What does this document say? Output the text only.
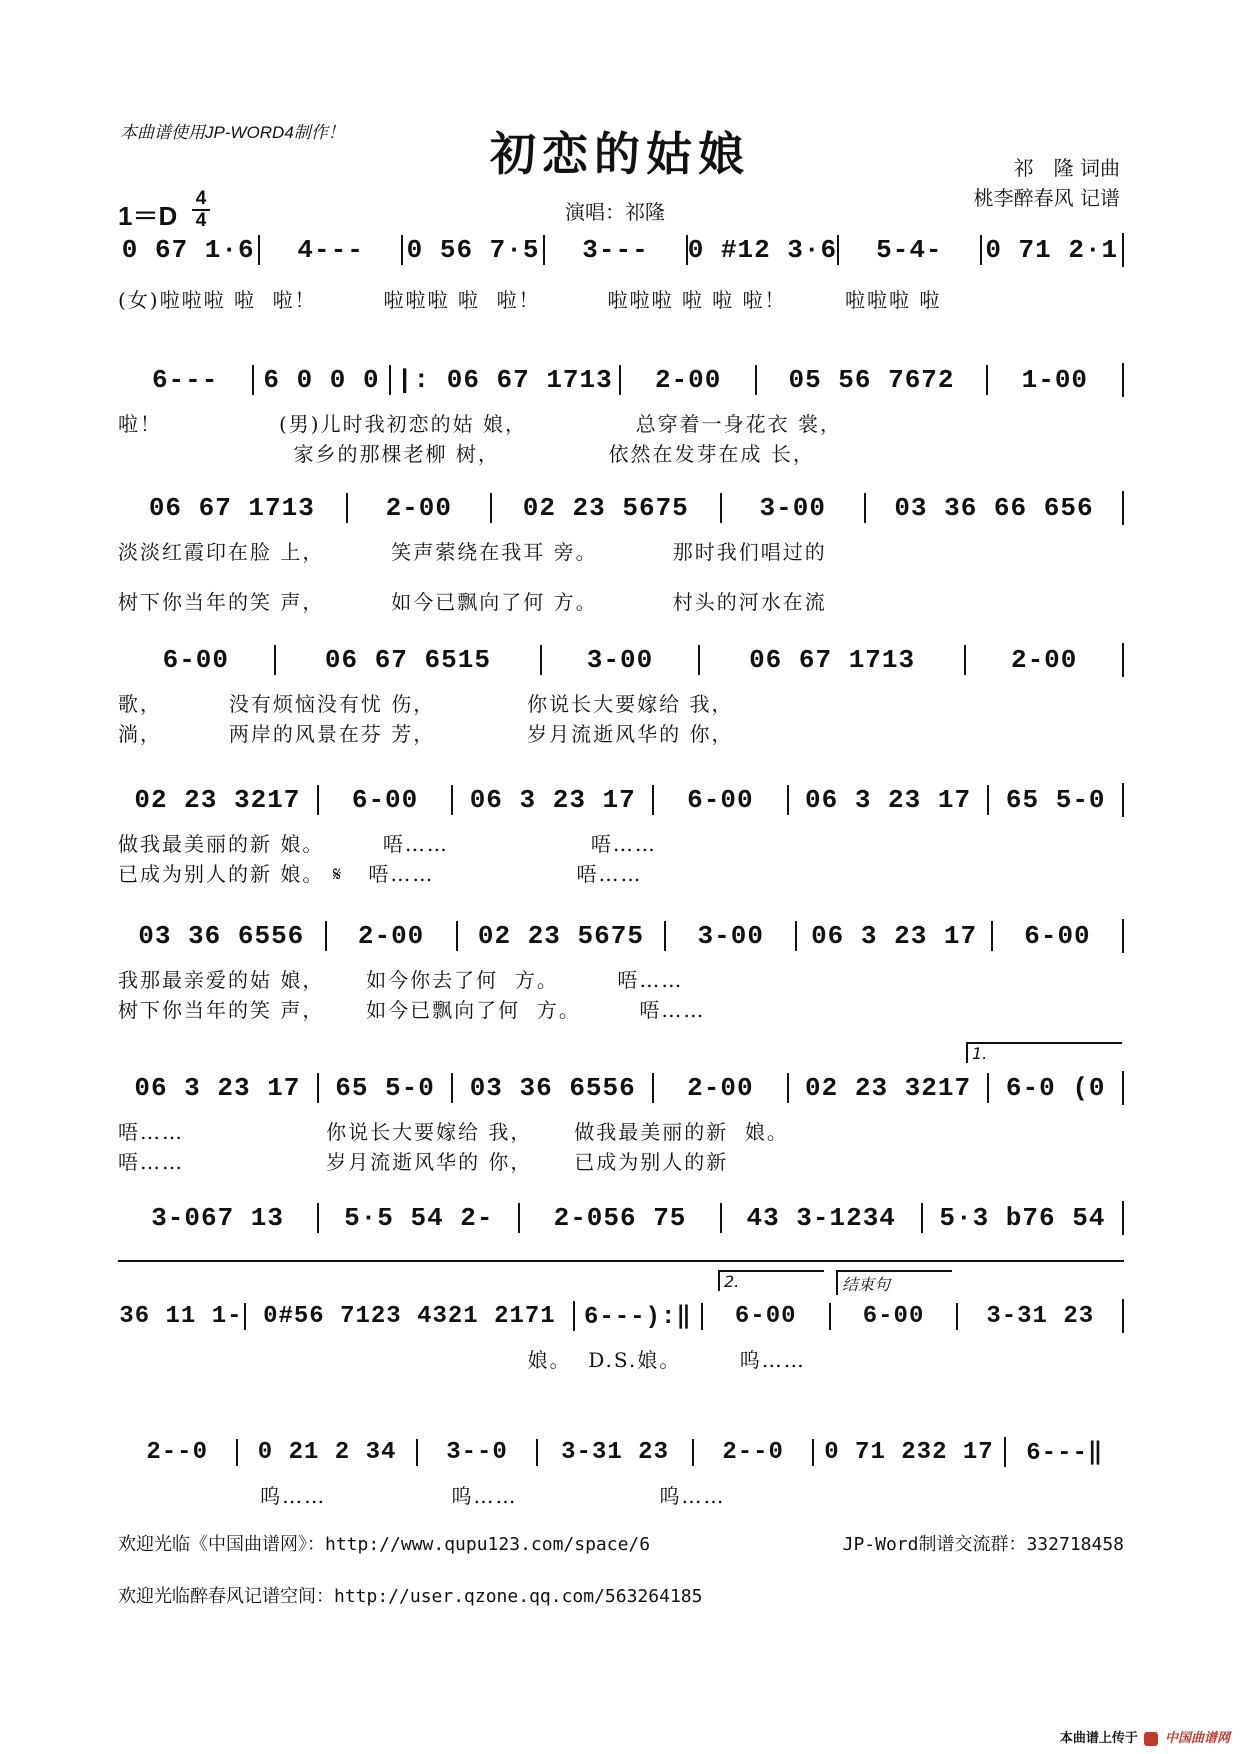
本曲谱使用JP-WORD4制作！	初恋的姑娘	祁　隆 词曲
桃李醉春风 记谱
1＝D
4
4	演唱：祁隆
0 67 1·6	4---	0 56 7·5	3---	0 #12 3·6	5-4-	0 71 2·1
(女)啦啦啦 啦  啦！        啦啦啦 啦  啦！        啦啦啦 啦 啦 啦！       啦啦啦 啦
6---	6 0 0 0 |: 06 67 1713	2-00	05 56 7672	1-00
啦！              (男)儿时我初恋的姑 娘，             总穿着一身花衣 裳，
家乡的那棵老柳 树，             依然在发芽在成 长，
06 67 1713	2-00	02 23 5675	3-00	03 36 66 656
淡淡红霞印在脸 上，        笑声萦绕在我耳 旁。         那时我们唱过的
树下你当年的笑 声，        如今已飘向了何 方。         村头的河水在流
6-00	06 67 6515	3-00	06 67 1713	2-00
歌，        没有烦恼没有忧 伤，           你说长大要嫁给 我，
淌，        两岸的风景在芬 芳，           岁月流逝风华的 你，
02 23 3217	6-00	06 3 23 17	6-00	06 3 23 17	65 5-0
做我最美丽的新 娘。       唔……                 唔……
已成为别人的新 娘。 𝄋   唔……                 唔……
03 36 6556	2-00	02 23 5675	3-00	06 3 23 17	6-00
我那最亲爱的姑 娘，     如今你去了何  方。       唔……
树下你当年的笑 声，     如今已飘向了何  方。       唔……
1.
06 3 23 17	65 5-0	03 36 6556	2-00	02 23 3217	6-0 (0
唔……                 你说长大要嫁给 我，     做我最美丽的新  娘。
唔……                 岁月流逝风华的 你，     已成为别人的新
3-067 13	5·5 54 2-	2-056 75	43 3-1234	5·3 b76 54
2.	结束句
36 11 1- 0#56 7123 4321 2171	6---):‖	6-00	6-00	3-31 23
娘。  D.S.娘。       呜……
2--0	0 21 2 34	3--0	3-31 23	2--0	0 71 232 17	6---‖
呜……               呜……                 呜……
欢迎光临《中国曲谱网》：http://www.qupu123.com/space/6	JP-Word制谱交流群：332718458
欢迎光临醉春风记谱空间：http://user.qzone.qq.com/563264185
本曲谱上传于 中国曲谱网
